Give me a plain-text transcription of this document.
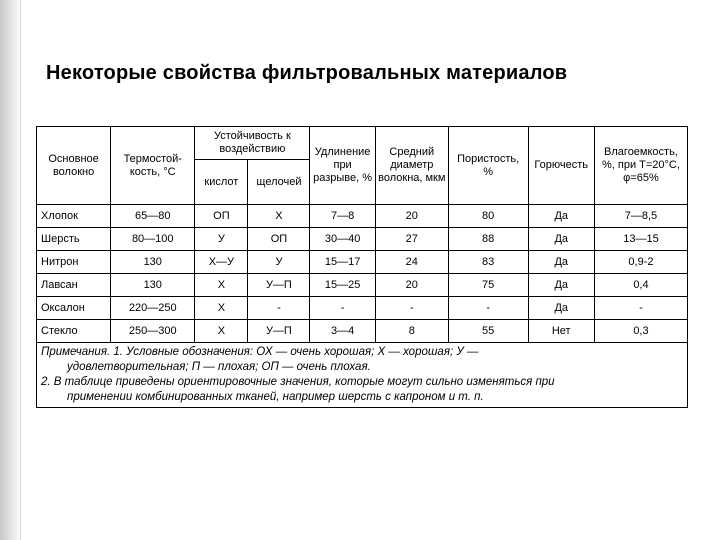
Некоторые свойства фильтровальных материалов
Основное волокно	Термостой-кость, °С	Устойчивость к воздействию		Удлинение при разрыве, %	Средний диаметр волокна, мкм	Пористость, %	Горючесть	Влагоемкость, %, при Т=20°С, φ=65%
		кислот	щелочей					
Хлопок	65—80	ОП	Х	7—8	20	80	Да	7—8,5
Шерсть	80—100	У	ОП	30—40	27	88	Да	13—15
Нитрон	130	Х—У	У	15—17	24	83	Да	0,9-2
Лавсан	130	Х	У—П	15—25	20	75	Да	0,4
Оксалон	220—250	Х	-	-	-	-	Да	-
Стекло	250—300	Х	У—П	3—4	8	55	Нет	0,3

Примечания. 1. Условные обозначения: ОХ — очень хорошая; Х — хорошая; У —
удовлетворительная; П — плохая; ОП — очень плохая.
2. В таблице приведены ориентировочные значения, которые могут сильно изменяться при
применении комбинированных тканей, например шерсть с капроном и т. п.								
